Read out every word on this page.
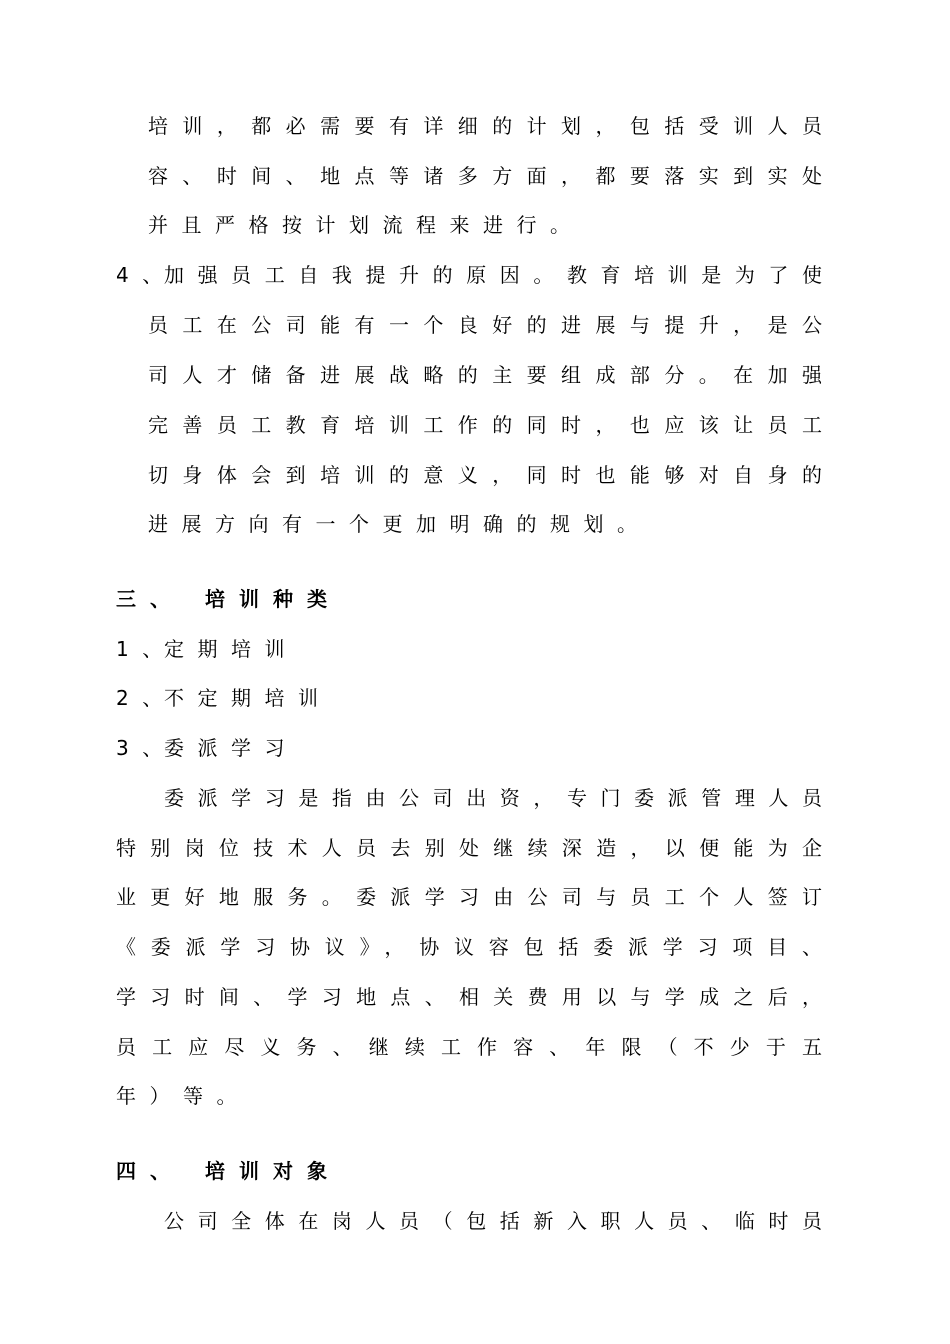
培训，都必需要有详细的计划，包括受训人员
容、时间、地点等诸多方面，都要落实到实处
并且严格按计划流程来进行。
4、
加强员工自我提升的原因。教育培训是为了使
员工在公司能有一个良好的进展与提升，是公
司人才储备进展战略的主要组成部分。在加强
完善员工教育培训工作的同时，也应该让员工
切身体会到培训的意义，同时也能够对自身的
进展方向有一个更加明确的规划。
三、 培训种类
1、
定期培训
2、
不定期培训
3、
委派学习
委派学习是指由公司出资，专门委派管理人员
特别岗位技术人员去别处继续深造，以便能为企
业更好地服务。委派学习由公司与员工个人签订
《委派学习协议》，协议容包括委派学习项目、
学习时间、学习地点、相关费用以与学成之后，
员工应尽义务、继续工作容、年限（不少于五
年）等。
四、 培训对象
公司全体在岗人员（包括新入职人员、临时员
